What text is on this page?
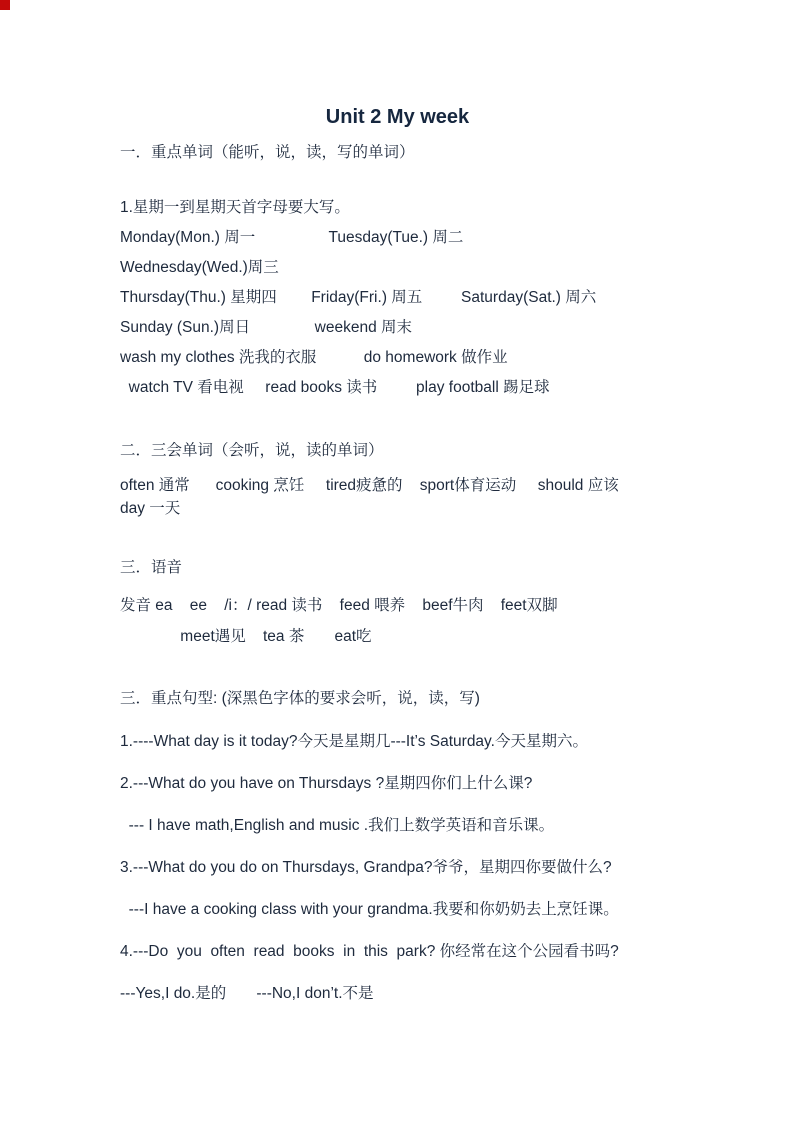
Unit 2 My week
一．重点单词（能听，说，读，写的单词）
1.星期一到星期天首字母要大写。
Monday(Mon.) 周一                 Tuesday(Tue.) 周二
Wednesday(Wed.)周三
Thursday(Thu.) 星期四        Friday(Fri.) 周五         Saturday(Sat.) 周六
Sunday (Sun.)周日               weekend 周末
wash my clothes 洗我的衣服           do homework 做作业
watch TV 看电视     read books 读书         play football 踢足球
二．三会单词（会听，说，读的单词）
often 通常      cooking 烹饪     tired疲惫的    sport体育运动     should 应该
day 一天
三．语音
发音 ea    ee    /i：/ read 读书    feed 喂养    beef牛肉    feet双脚
meet遇见    tea 茶       eat吃
三．重点句型: (深黑色字体的要求会听，说，读，写)
1.----What day is it today?今天是星期几---It’s Saturday.今天星期六。
2.---What do you have on Thursdays ?星期四你们上什么课?
--- I have math,English and music .我们上数学英语和音乐课。
3.---What do you do on Thursdays, Grandpa?爷爷，星期四你要做什么?
---I have a cooking class with your grandma.我要和你奶奶去上烹饪课。
4.---Do  you  often  read  books  in  this  park? 你经常在这个公园看书吗?
---Yes,I do.是的       ---No,I don’t.不是
